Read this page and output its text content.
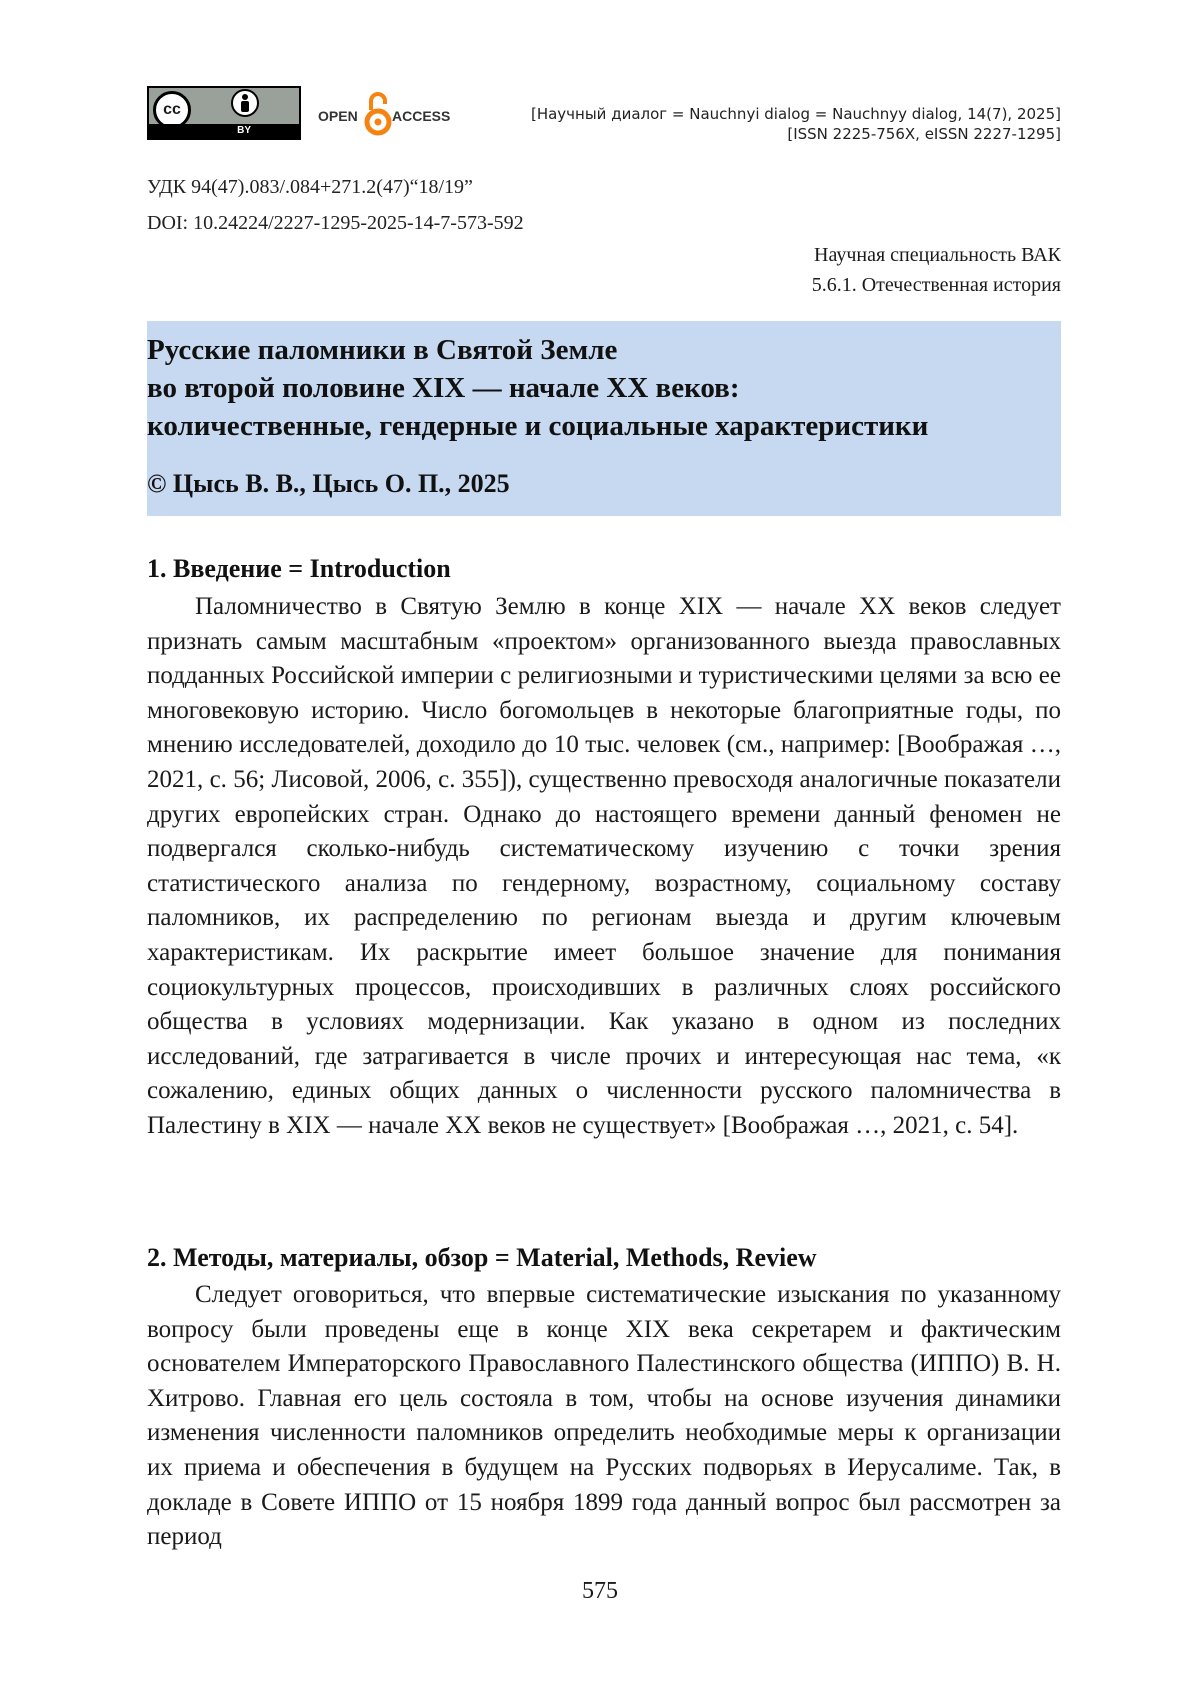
cc
BY
OPEN ACCESS	[Научный диалог = Nauchnyi dialog = Nauchnyy dialog, 14(7), 2025]
[ISSN 2225-756X, eISSN 2227-1295]
УДК 94(47).083/.084+271.2(47)“18/19”
DOI: 10.24224/2227-1295-2025-14-7-573-592
Научная специальность ВАК
5.6.1. Отечественная история
Русские паломники в Святой Земле
во второй половине XIX — начале XX веков:
количественные, гендерные и социальные характеристики
© Цысь В. В., Цысь О. П., 2025
1. Введение = Introduction
Паломничество в Святую Землю в конце XIX — начале XX веков следует признать самым масштабным «проектом» организованного выезда православных подданных Российской империи с религиозными и туристическими целями за всю ее многовековую историю. Число богомольцев в некоторые благоприятные годы, по мнению исследователей, доходило до 10 тыс. человек (см., например: [Воображая …, 2021, с. 56; Лисовой, 2006, с. 355]), существенно превосходя аналогичные показатели других европейских стран. Однако до настоящего времени данный феномен не подвергался сколько-нибудь систематическому изучению с точки зрения статистического анализа по гендерному, возрастному, социальному составу паломников, их распределению по регионам выезда и другим ключевым характеристикам. Их раскрытие имеет большое значение для понимания социокультурных процессов, происходивших в различных слоях российского общества в условиях модернизации. Как указано в одном из последних исследований, где затрагивается в числе прочих и интересующая нас тема, «к сожалению, единых общих данных о численности русского паломничества в Палестину в XIX — начале XX веков не существует» [Воображая …, 2021, с. 54].
2. Методы, материалы, обзор = Material, Methods, Review
Следует оговориться, что впервые систематические изыскания по указанному вопросу были проведены еще в конце XIX века секретарем и фактическим основателем Императорского Православного Палестинского общества (ИППО) В. Н. Хитрово. Главная его цель состояла в том, чтобы на основе изучения динамики изменения численности паломников определить необходимые меры к организации их приема и обеспечения в будущем на Русских подворьях в Иерусалиме. Так, в докладе в Совете ИППО от 15 ноября 1899 года данный вопрос был рассмотрен за период
575
